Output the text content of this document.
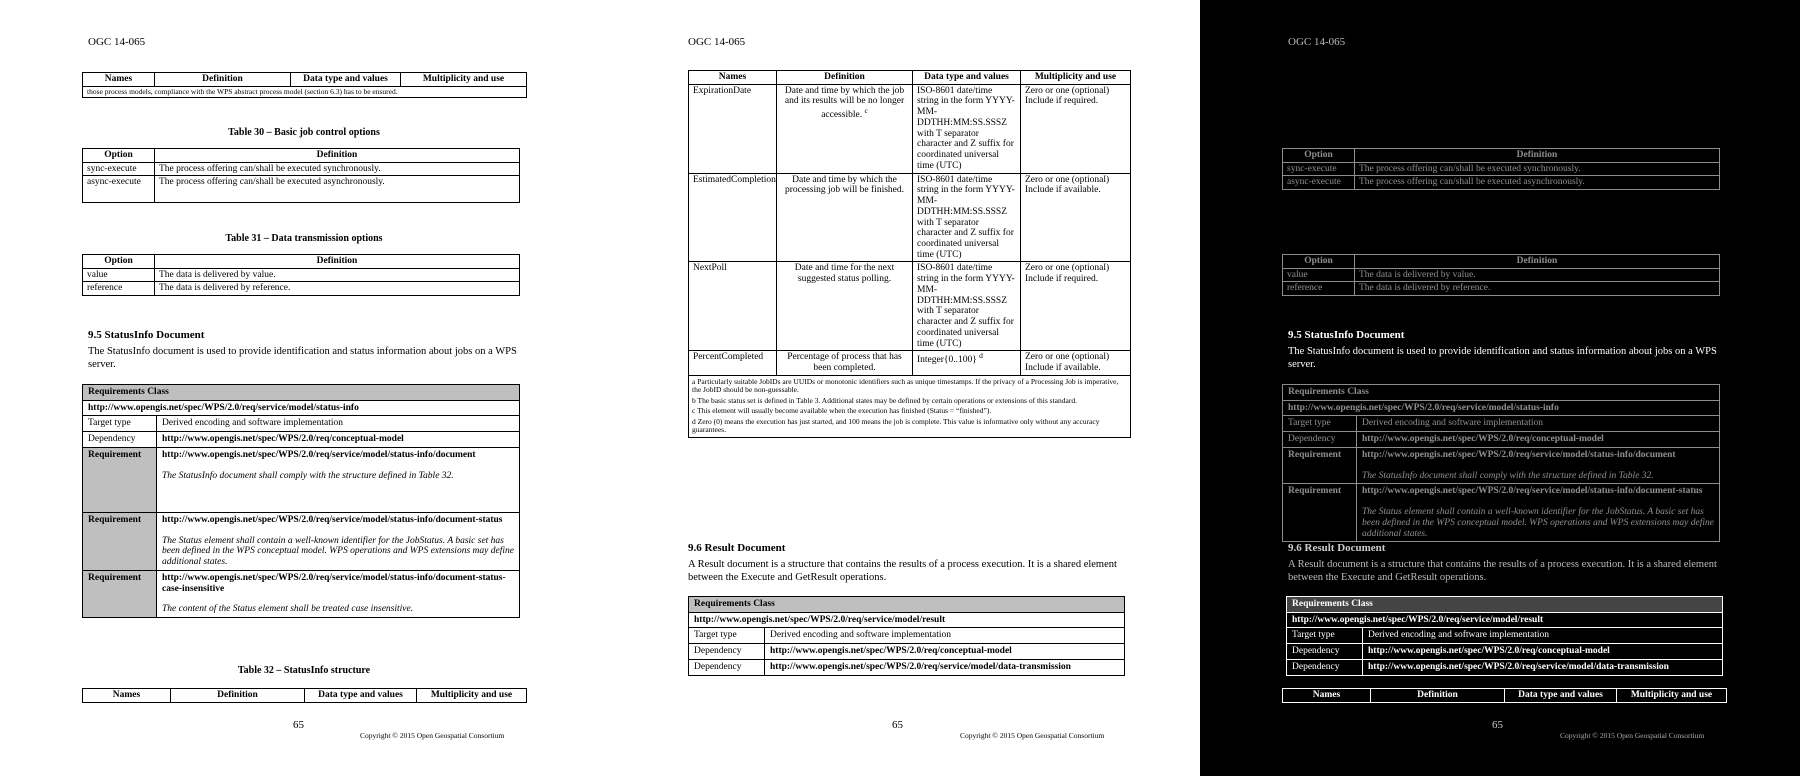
OGC 14-065
Names	Definition	Data type and values	Multiplicity and use
those process models, compliance with the WPS abstract process model (section 6.3) has to be ensured.
Table 30 – Basic job control options
Option	Definition
sync-execute	The process offering can/shall be executed synchronously.
async-execute	The process offering can/shall be executed asynchronously.
Table 31 – Data transmission options
Option	Definition
value	The data is delivered by value.
reference	The data is delivered by reference.
9.5 StatusInfo Document
The StatusInfo document is used to provide identification and status information about jobs on a WPS server.
Requirements Class	
http://www.opengis.net/spec/WPS/2.0/req/service/model/status-info	
Target type	Derived encoding and software implementation
Dependency	http://www.opengis.net/spec/WPS/2.0/req/conceptual-model
Requirement	http://www.opengis.net/spec/WPS/2.0/req/service/model/status-info/document
The StatusInfo document shall comply with the structure defined in Table 32.

Requirement	http://www.opengis.net/spec/WPS/2.0/req/service/model/status-info/document-status
The Status element shall contain a well-known identifier for the JobStatus. A basic set has been defined in the WPS conceptual model. WPS operations and WPS extensions may define additional states.

Requirement	http://www.opengis.net/spec/WPS/2.0/req/service/model/status-info/document-status-case-insensitive
The content of the Status element shall be treated case insensitive.
Table 32 – StatusInfo structure
Names	Definition	Data type and values	Multiplicity and use
65
Copyright © 2015 Open Geospatial Consortium
OGC 14-065
Names	Definition	Data type and values	Multiplicity and use
ExpirationDate	Date and time by which the job and its results will be no longer accessible. $^c$	ISO-8601 date/time string in the form YYYY-MM-DDTHH:MM:SS.SSSZ with T separator character and Z suffix for coordinated universal time (UTC)	Zero or one (optional) Include if required.
EstimatedCompletion	Date and time by which the processing job will be finished.	ISO-8601 date/time string in the form YYYY-MM-DDTHH:MM:SS.SSSZ with T separator character and Z suffix for coordinated universal time (UTC)	Zero or one (optional) Include if available.
NextPoll	Date and time for the next suggested status polling.	ISO-8601 date/time string in the form YYYY-MM-DDTHH:MM:SS.SSSZ with T separator character and Z suffix for coordinated universal time (UTC)	Zero or one (optional) Include if required.
PercentCompleted	Percentage of process that has been completed.	Integer{0..100} $^d$	Zero or one (optional) Include if available.

a Particularly suitable JobIDs are UUIDs or monotonic identifiers such as unique timestamps. If the privacy of a Processing Job is imperative, the JobID should be non-guessable.
b The basic status set is defined in Table 3. Additional states may be defined by certain operations or extensions of this standard.
c This element will usually become available when the execution has finished (Status = “finished”).
d Zero (0) means the execution has just started, and 100 means the job is complete. This value is informative only without any accuracy guarantees.			
9.6 Result Document
A Result document is a structure that contains the results of a process execution. It is a shared element between the Execute and GetResult operations.
Requirements Class	
http://www.opengis.net/spec/WPS/2.0/req/service/model/result	
Target type	Derived encoding and software implementation
Dependency	http://www.opengis.net/spec/WPS/2.0/req/conceptual-model
Dependency	http://www.opengis.net/spec/WPS/2.0/req/service/model/data-transmission
65
Copyright © 2015 Open Geospatial Consortium
OGC 14-065
9.5 StatusInfo Document
The StatusInfo document is used to provide identification and status information about jobs on a WPS server.
9.6 Result Document
A Result document is a structure that contains the results of a process execution. It is a shared element between the Execute and GetResult operations.
Requirements Class	
http://www.opengis.net/spec/WPS/2.0/req/service/model/result	
Target type	Derived encoding and software implementation
Dependency	http://www.opengis.net/spec/WPS/2.0/req/conceptual-model
Dependency	http://www.opengis.net/spec/WPS/2.0/req/service/model/data-transmission
Names	Definition	Data type and values	Multiplicity and use
65
Copyright © 2015 Open Geospatial Consortium
Option	Definition
sync-execute	The process offering can/shall be executed synchronously.
async-execute	The process offering can/shall be executed asynchronously.
Option	Definition
value	The data is delivered by value.
reference	The data is delivered by reference.
Requirements Class	
http://www.opengis.net/spec/WPS/2.0/req/service/model/status-info	
Target type	Derived encoding and software implementation
Dependency	http://www.opengis.net/spec/WPS/2.0/req/conceptual-model
Requirement	http://www.opengis.net/spec/WPS/2.0/req/service/model/status-info/document
The StatusInfo document shall comply with the structure defined in Table 32.

Requirement	http://www.opengis.net/spec/WPS/2.0/req/service/model/status-info/document-status
The Status element shall contain a well-known identifier for the JobStatus. A basic set has been defined in the WPS conceptual model. WPS operations and WPS extensions may define additional states.
